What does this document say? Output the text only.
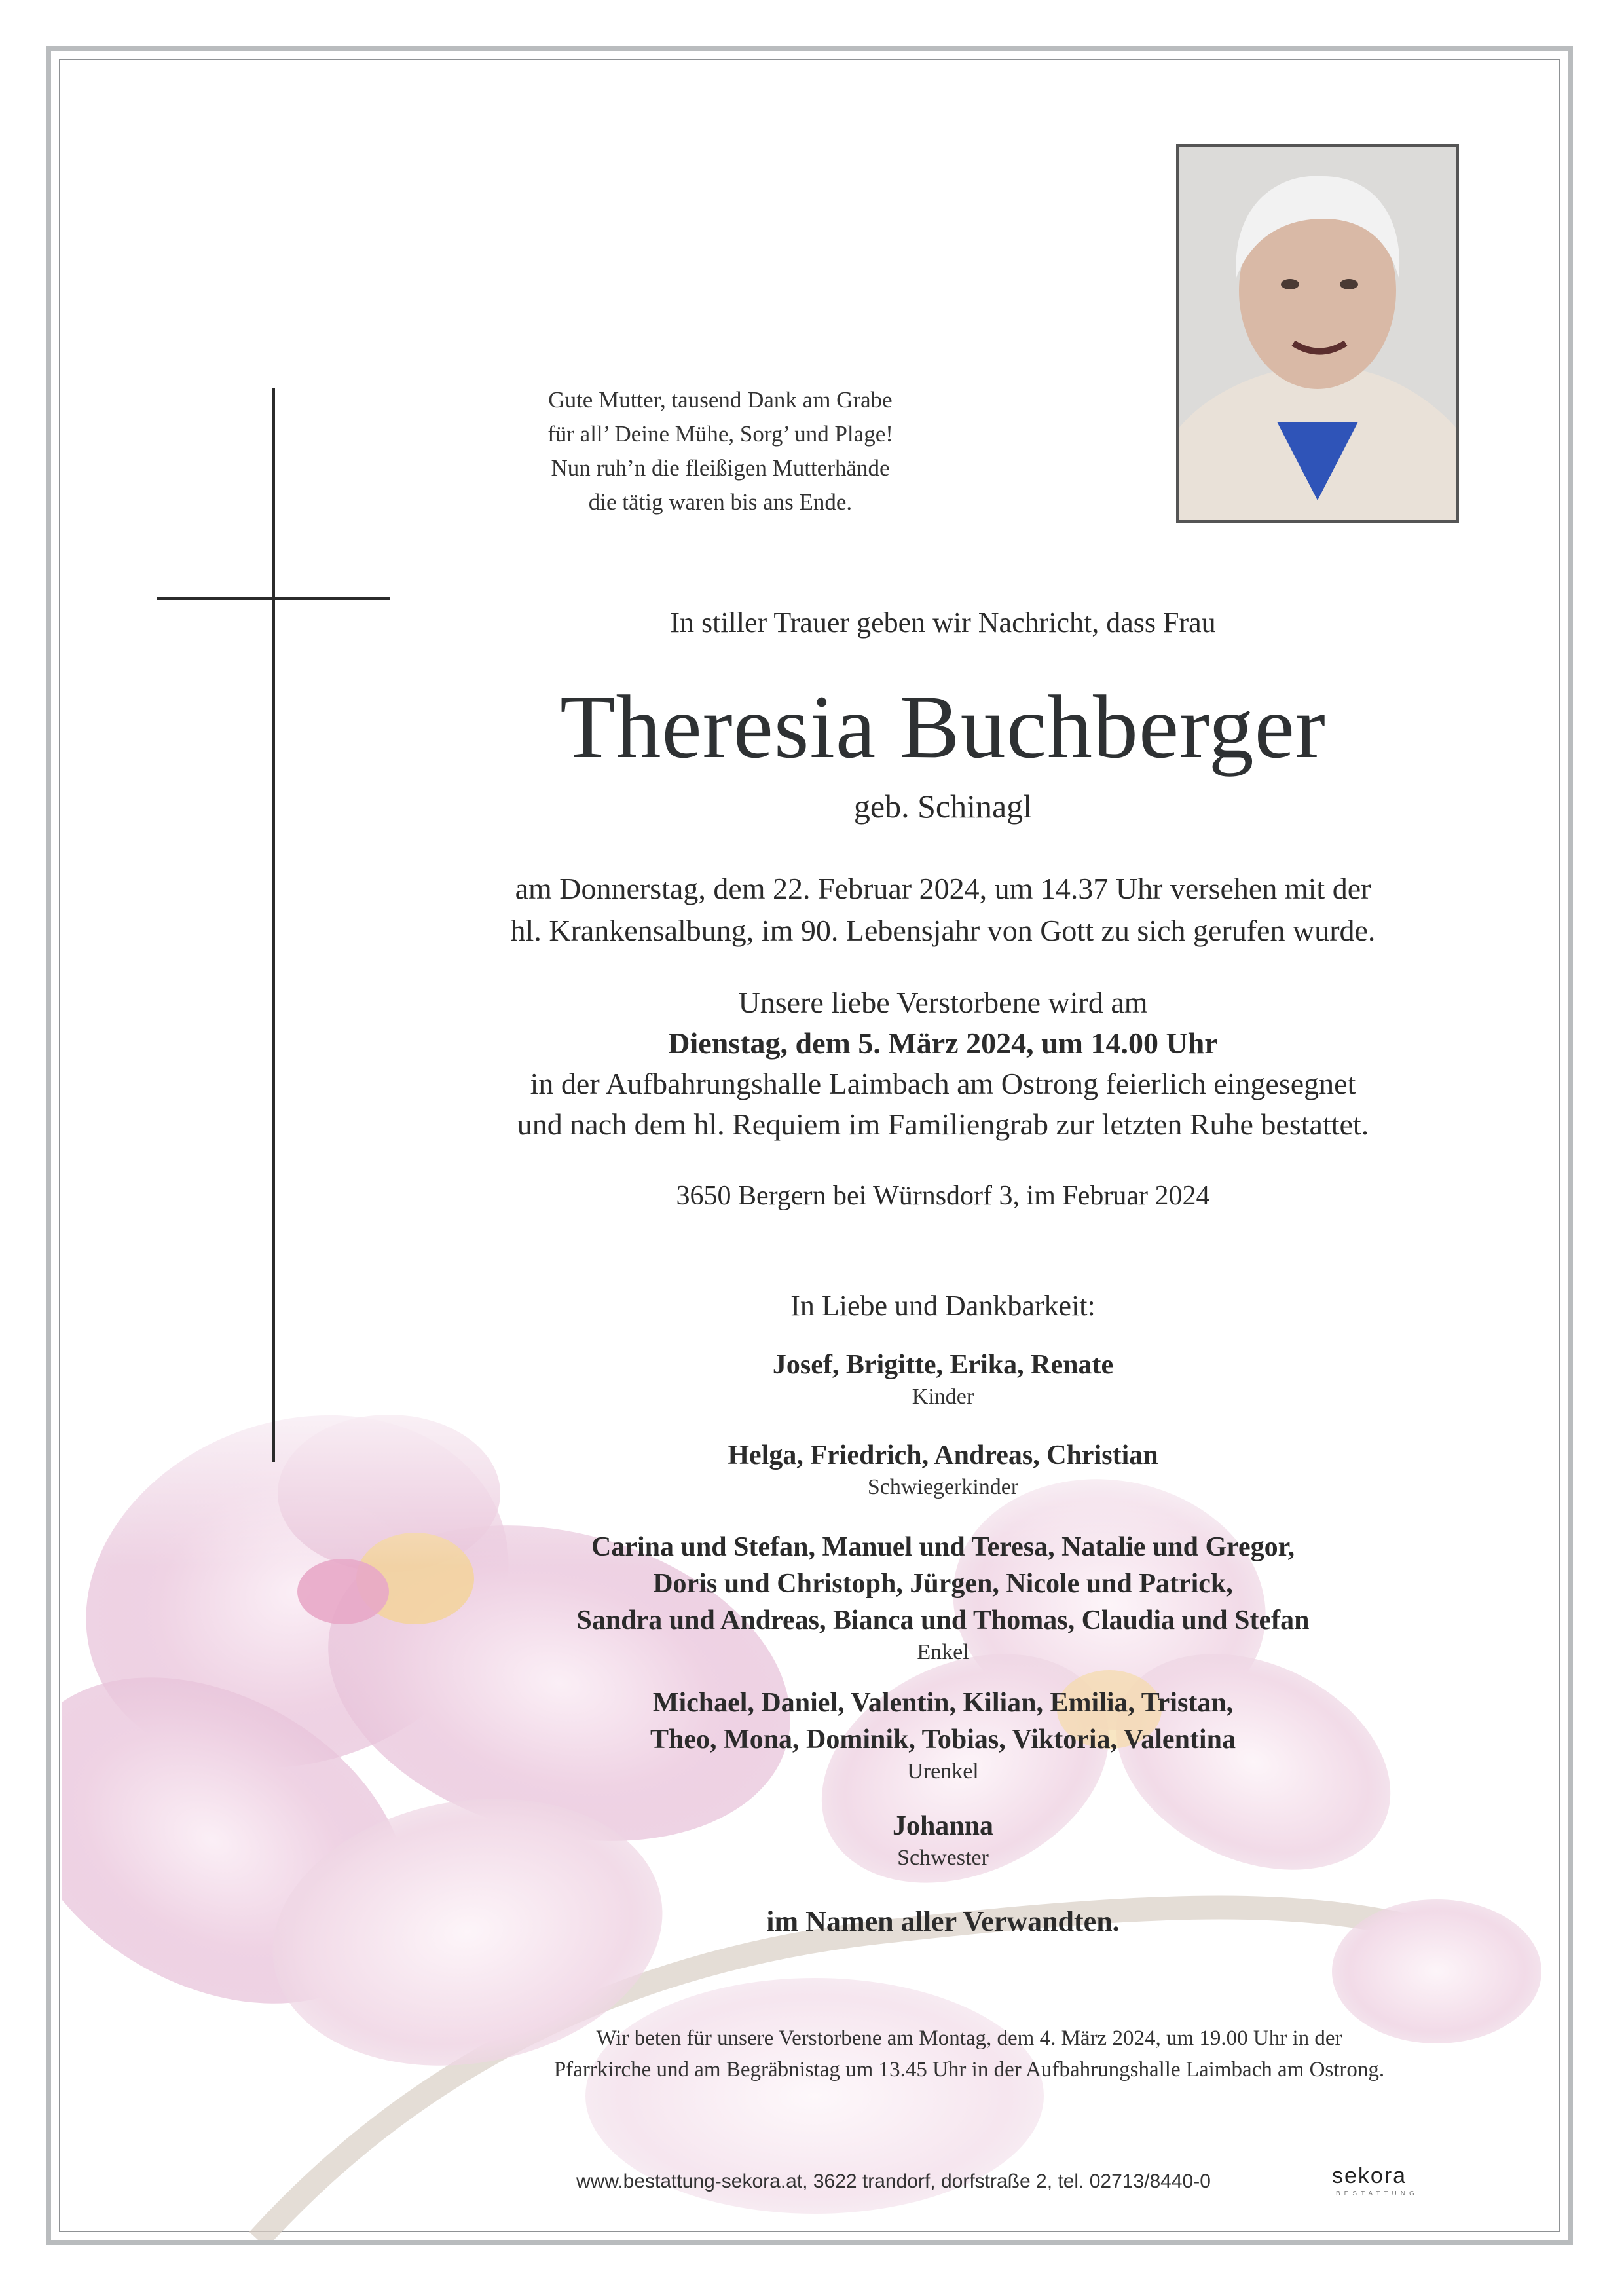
Gute Mutter, tausend Dank am Grabe
für all’ Deine Mühe, Sorg’ und Plage!
Nun ruh’n die fleißigen Mutterhände
die tätig waren bis ans Ende.
In stiller Trauer geben wir Nachricht, dass Frau
Theresia Buchberger
geb. Schinagl
am Donnerstag, dem 22. Februar 2024, um 14.37 Uhr versehen mit der
hl. Krankensalbung, im 90. Lebensjahr von Gott zu sich gerufen wurde.
Unsere liebe Verstorbene wird am
Dienstag, dem 5. März 2024, um 14.00 Uhr
in der Aufbahrungshalle Laimbach am Ostrong feierlich eingesegnet
und nach dem hl. Requiem im Familiengrab zur letzten Ruhe bestattet.
3650 Bergern bei Würnsdorf 3, im Februar 2024
In Liebe und Dankbarkeit:
Josef, Brigitte, Erika, Renate
Kinder
Helga, Friedrich, Andreas, Christian
Schwiegerkinder
Carina und Stefan, Manuel und Teresa, Natalie und Gregor,
Doris und Christoph, Jürgen, Nicole und Patrick,
Sandra und Andreas, Bianca und Thomas, Claudia und Stefan
Enkel
Michael, Daniel, Valentin, Kilian, Emilia, Tristan,
Theo, Mona, Dominik, Tobias, Viktoria, Valentina
Urenkel
Johanna
Schwester
im Namen aller Verwandten.
Wir beten für unsere Verstorbene am Montag, dem 4. März 2024, um 19.00 Uhr in der
Pfarrkirche und am Begräbnistag um 13.45 Uhr in der Aufbahrungshalle Laimbach am Ostrong.
www.bestattung-sekora.at, 3622 trandorf, dorfstraße 2, tel. 02713/8440-0	sekora
BESTATTUNG
